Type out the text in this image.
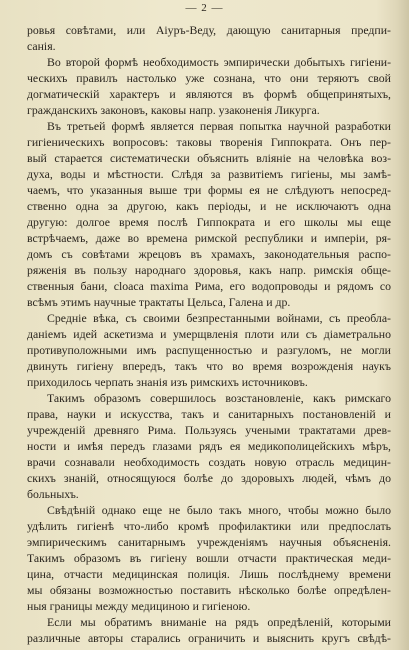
— 2 —
ровья совѣтами, или Аіуръ-Веду, дающую санитарныя предпи-
санія.
Во второй формѣ необходимость эмпирически добытыхъ гигіени-
ческихъ правилъ настолько уже сознана, что они теряютъ свой
догматическій характеръ и являются въ формѣ общепринятыхъ,
гражданскихъ законовъ, каковы напр. узаконенія Ликурга.
Въ третьей формѣ является первая попытка научной разработки
гигіеническихъ вопросовъ: таковы творенія Гиппократа. Онъ пер-
вый старается систематически объяснить вліяніе на человѣка воз-
духа, воды и мѣстности. Слѣдя за развитіемъ гигіены, мы замѣ-
чаемъ, что указанныя выше три формы ея не слѣдуютъ непосред-
ственно одна за другою, какъ періоды, и не исключаютъ одна
другую: долгое время послѣ Гиппократа и его школы мы еще
встрѣчаемъ, даже во времена римской республики и имперіи, ря-
домъ съ совѣтами жрецовъ въ храмахъ, законодательныя распо-
ряженія въ пользу народнаго здоровья, какъ напр. римскія обще-
ственныя бани, cloaca maxima Рима, его водопроводы и рядомъ со
всѣмъ этимъ научные трактаты Цельса, Галена и др.
Средніе вѣка, съ своими безпрестанными войнами, съ преобла-
даніемъ идей аскетизма и умерщвленія плоти или съ діаметрально
противуположными имъ распущенностью и разгуломъ, не могли
двинуть гигіену впередъ, такъ что во время возрожденія наукъ
приходилось черпать знанія изъ римскихъ источниковъ.
Такимъ образомъ совершилось возстановленіе, какъ римскаго
права, науки и искусства, такъ и санитарныхъ постановленій и
учрежденій древняго Рима. Пользуясь учеными трактатами древ-
ности и имѣя передъ глазами рядъ ея медикополицейскихъ мѣръ,
врачи сознавали необходимость создать новую отрасль медицин-
скихъ знаній, относящуюся болѣе до здоровыхъ людей, чѣмъ до
больныхъ.
Свѣдѣній однако еще не было такъ много, чтобы можно было
удѣлить гигіенѣ что-либо кромѣ профилактики или предпослать
эмпирическимъ санитарнымъ учрежденіямъ научныя объясненія.
Такимъ образомъ въ гигіену вошли отчасти практическая меди-
цина, отчасти медицинская полиція. Лишь послѣднему времени
мы обязаны возможностью поставить нѣсколько болѣе опредѣлен-
ныя границы между медициною и гигіеною.
Если мы обратимъ вниманіе на рядъ опредѣленій, которыми
различные авторы старались ограничить и выяснить кругъ свѣдѣ-
